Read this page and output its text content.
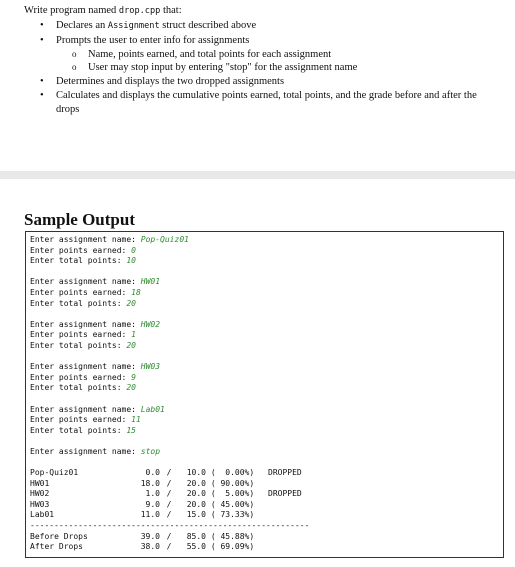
Write program named drop.cpp that:
• Declares an Assignment struct described above
• Prompts the user to enter info for assignments
o Name, points earned, and total points for each assignment
o User may stop input by entering "stop" for the assignment name
• Determines and displays the two dropped assignments
• Calculates and displays the cumulative points earned, total points, and the grade before and after the drops
Sample Output
Enter assignment name: Pop-Quiz01
Enter points earned: 0
Enter total points: 10
Enter assignment name: HW01
Enter points earned: 18
Enter total points: 20
Enter assignment name: HW02
Enter points earned: 1
Enter total points: 20
Enter assignment name: HW03
Enter points earned: 9
Enter total points: 20
Enter assignment name: Lab01
Enter points earned: 11
Enter total points: 15
Enter assignment name: stop
Pop-Quiz01	0.0 / 10.0 (  0.00%) DROPPED
HW01	18.0 / 20.0 ( 90.00%)
HW02	1.0 / 20.0 (  5.00%) DROPPED
HW03	9.0 / 20.0 ( 45.00%)
Lab01	11.0 / 15.0 ( 73.33%)
----------------------------------------------------------
Before Drops	39.0 / 85.0 ( 45.88%)
After Drops	38.0 / 55.0 ( 69.09%)
